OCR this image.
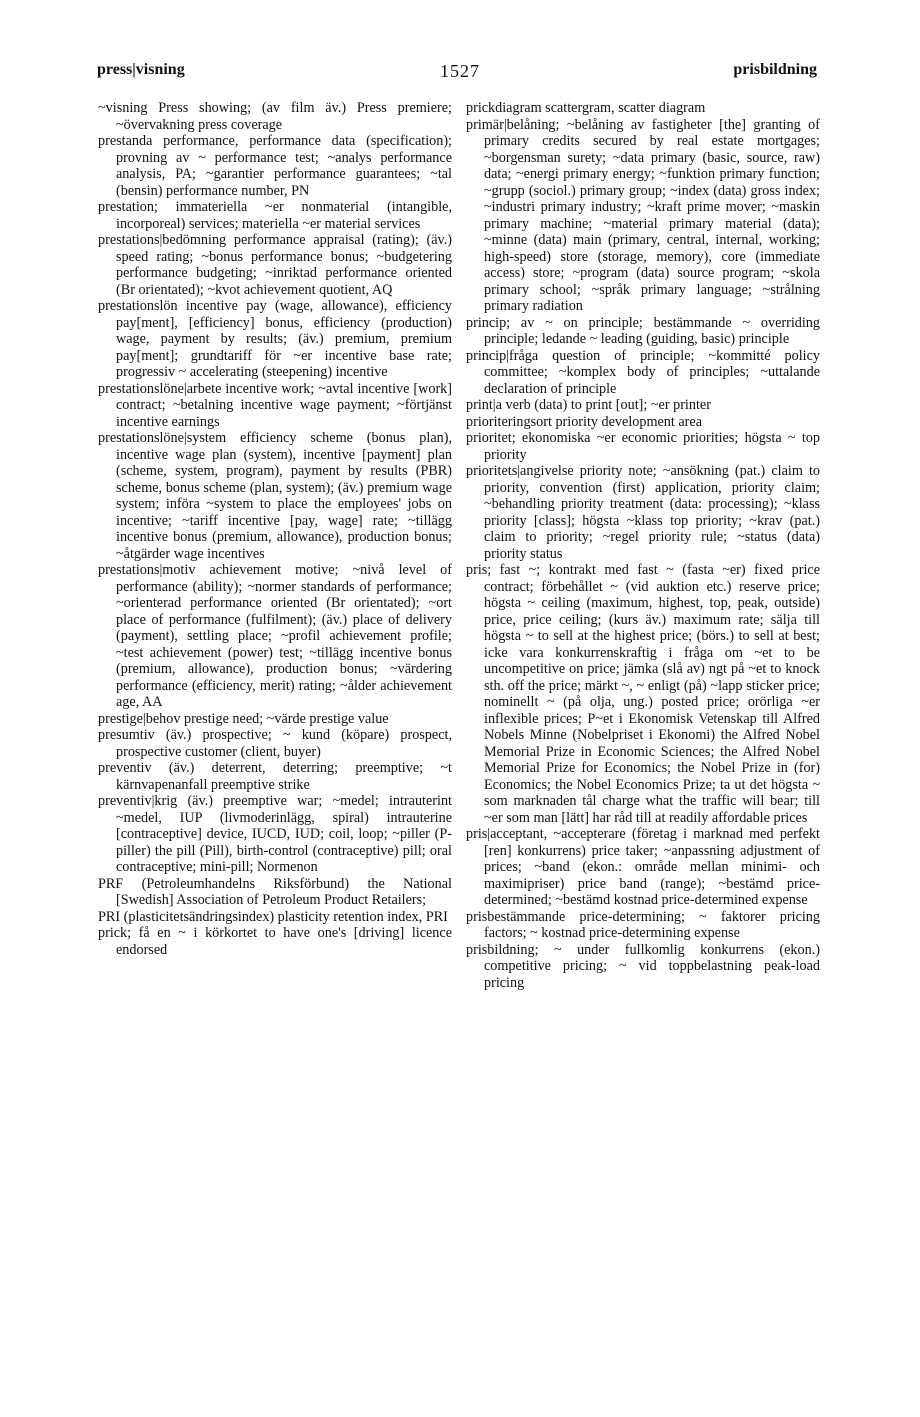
press|visning	1527	prisbildning

~visning Press showing; (av film äv.) Press premiere; ~övervakning press coverage

prestanda performance, performance data (specification); provning av ~ performance test; ~analys performance analysis, PA; ~garantier performance guarantees; ~tal (bensin) performance number, PN

prestation; immateriella ~er nonmaterial (intangible, incorporeal) services; materiella ~er material services

prestations|bedömning performance appraisal (rating); (äv.) speed rating; ~bonus performance bonus; ~budgetering performance budgeting; ~inriktad performance oriented (Br orientated); ~kvot achievement quotient, AQ

prestationslön incentive pay (wage, allowance), efficiency pay[ment], [efficiency] bonus, efficiency (production) wage, payment by results; (äv.) premium, premium pay[ment]; grundtariff för ~er incentive base rate; progressiv ~ accelerating (steepening) incentive

prestationslöne|arbete incentive work; ~avtal incentive [work] contract; ~betalning incentive wage payment; ~förtjänst incentive earnings

prestationslöne|system efficiency scheme (bonus plan), incentive wage plan (system), incentive [payment] plan (scheme, system, program), payment by results (PBR) scheme, bonus scheme (plan, system); (äv.) premium wage system; införa ~system to place the employees' jobs on incentive; ~tariff incentive [pay, wage] rate; ~tillägg incentive bonus (premium, allowance), production bonus; ~åtgärder wage incentives

prestations|motiv achievement motive; ~nivå level of performance (ability); ~normer standards of performance; ~orienterad performance oriented (Br orientated); ~ort place of performance (fulfilment); (äv.) place of delivery (payment), settling place; ~profil achievement profile; ~test achievement (power) test; ~tillägg incentive bonus (premium, allowance), production bonus; ~värdering performance (efficiency, merit) rating; ~ålder achievement age, AA

prestige|behov prestige need; ~värde prestige value

presumtiv (äv.) prospective; ~ kund (köpare) prospect, prospective customer (client, buyer)

preventiv (äv.) deterrent, deterring; preemptive; ~t kärnvapenanfall preemptive strike

preventiv|krig (äv.) preemptive war; ~medel; intrauterint ~medel, IUP (livmoderinlägg, spiral) intrauterine [contraceptive] device, IUCD, IUD; coil, loop; ~piller (P-piller) the pill (Pill), birth-control (contraceptive) pill; oral contraceptive; mini-pill; Normenon

PRF (Petroleumhandelns Riksförbund) the National [Swedish] Association of Petroleum Product Retailers;

PRI (plasticitetsändringsindex) plasticity retention index, PRI

prick; få en ~ i körkortet to have one's [driving] licence endorsed

prickdiagram scattergram, scatter diagram

primär|belåning; ~belåning av fastigheter [the] granting of primary credits secured by real estate mortgages; ~borgensman surety; ~data primary (basic, source, raw) data; ~energi primary energy; ~funktion primary function; ~grupp (sociol.) primary group; ~index (data) gross index; ~industri primary industry; ~kraft prime mover; ~maskin primary machine; ~material primary material (data); ~minne (data) main (primary, central, internal, working; high-speed) store (storage, memory), core (immediate access) store; ~program (data) source program; ~skola primary school; ~språk primary language; ~strålning primary radiation

princip; av ~ on principle; bestämmande ~ overriding principle; ledande ~ leading (guiding, basic) principle

princip|fråga question of principle; ~kommitté policy committee; ~komplex body of principles; ~uttalande declaration of principle

print|a verb (data) to print [out]; ~er printer

prioriteringsort priority development area

prioritet; ekonomiska ~er economic priorities; högsta ~ top priority

prioritets|angivelse priority note; ~ansökning (pat.) claim to priority, convention (first) application, priority claim; ~behandling priority treatment (data: processing); ~klass priority [class]; högsta ~klass top priority; ~krav (pat.) claim to priority; ~regel priority rule; ~status (data) priority status

pris; fast ~; kontrakt med fast ~ (fasta ~er) fixed price contract; förbehållet ~ (vid auktion etc.) reserve price; högsta ~ ceiling (maximum, highest, top, peak, outside) price, price ceiling; (kurs äv.) maximum rate; sälja till högsta ~ to sell at the highest price; (börs.) to sell at best; icke vara konkurrenskraftig i fråga om ~et to be uncompetitive on price; jämka (slå av) ngt på ~et to knock sth. off the price; märkt ~, ~ enligt (på) ~lapp sticker price; nominellt ~ (på olja, ung.) posted price; orörliga ~er inflexible prices; P~et i Ekonomisk Vetenskap till Alfred Nobels Minne (Nobelpriset i Ekonomi) the Alfred Nobel Memorial Prize in Economic Sciences; the Alfred Nobel Memorial Prize for Economics; the Nobel Prize in (for) Economics; the Nobel Economics Prize; ta ut det högsta ~ som marknaden tål charge what the traffic will bear; till ~er som man [lätt] har råd till at readily affordable prices

pris|acceptant, ~accepterare (företag i marknad med perfekt [ren] konkurrens) price taker; ~anpassning adjustment of prices; ~band (ekon.: område mellan minimi- och maximipriser) price band (range); ~bestämd price-determined; ~bestämd kostnad price-determined expense

prisbestämmande price-determining; ~ faktorer pricing factors; ~ kostnad price-determining expense

prisbildning; ~ under fullkomlig konkurrens (ekon.) competitive pricing; ~ vid toppbelastning peak-load pricing
